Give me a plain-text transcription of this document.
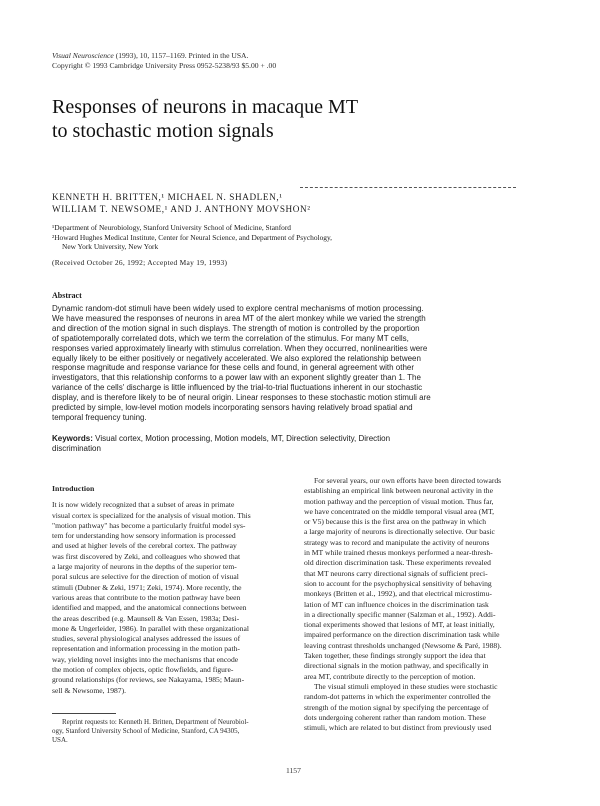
Visual Neuroscience (1993), 10, 1157–1169. Printed in the USA.
Copyright © 1993 Cambridge University Press 0952-5238/93 $5.00 + .00
Responses of neurons in macaque MT
to stochastic motion signals
KENNETH H. BRITTEN,¹ MICHAEL N. SHADLEN,¹
WILLIAM T. NEWSOME,¹ AND J. ANTHONY MOVSHON²
¹Department of Neurobiology, Stanford University School of Medicine, Stanford
²Howard Hughes Medical Institute, Center for Neural Science, and Department of Psychology,
New York University, New York
(Received October 26, 1992; Accepted May 19, 1993)
Abstract
Dynamic random-dot stimuli have been widely used to explore central mechanisms of motion processing.
We have measured the responses of neurons in area MT of the alert monkey while we varied the strength
and direction of the motion signal in such displays. The strength of motion is controlled by the proportion
of spatiotemporally correlated dots, which we term the correlation of the stimulus. For many MT cells,
responses varied approximately linearly with stimulus correlation. When they occurred, nonlinearities were
equally likely to be either positively or negatively accelerated. We also explored the relationship between
response magnitude and response variance for these cells and found, in general agreement with other
investigators, that this relationship conforms to a power law with an exponent slightly greater than 1. The
variance of the cells' discharge is little influenced by the trial-to-trial fluctuations inherent in our stochastic
display, and is therefore likely to be of neural origin. Linear responses to these stochastic motion stimuli are
predicted by simple, low-level motion models incorporating sensors having relatively broad spatial and
temporal frequency tuning.
Keywords: Visual cortex, Motion processing, Motion models, MT, Direction selectivity, Direction
discrimination
Introduction
It is now widely recognized that a subset of areas in primate
visual cortex is specialized for the analysis of visual motion. This
"motion pathway" has become a particularly fruitful model sys-
tem for understanding how sensory information is processed
and used at higher levels of the cerebral cortex. The pathway
was first discovered by Zeki, and colleagues who showed that
a large majority of neurons in the depths of the superior tem-
poral sulcus are selective for the direction of motion of visual
stimuli (Dubner & Zeki, 1971; Zeki, 1974). More recently, the
various areas that contribute to the motion pathway have been
identified and mapped, and the anatomical connections between
the areas described (e.g. Maunsell & Van Essen, 1983a; Desi-
mone & Ungerleider, 1986). In parallel with these organizational
studies, several physiological analyses addressed the issues of
representation and information processing in the motion path-
way, yielding novel insights into the mechanisms that encode
the motion of complex objects, optic flowfields, and figure-
ground relationships (for reviews, see Nakayama, 1985; Maun-
sell & Newsome, 1987).
For several years, our own efforts have been directed towards
establishing an empirical link between neuronal activity in the
motion pathway and the perception of visual motion. Thus far,
we have concentrated on the middle temporal visual area (MT,
or V5) because this is the first area on the pathway in which
a large majority of neurons is directionally selective. Our basic
strategy was to record and manipulate the activity of neurons
in MT while trained rhesus monkeys performed a near-thresh-
old direction discrimination task. These experiments revealed
that MT neurons carry directional signals of sufficient preci-
sion to account for the psychophysical sensitivity of behaving
monkeys (Britten et al., 1992), and that electrical microstimu-
lation of MT can influence choices in the discrimination task
in a directionally specific manner (Salzman et al., 1992). Addi-
tional experiments showed that lesions of MT, at least initially,
impaired performance on the direction discrimination task while
leaving contrast thresholds unchanged (Newsome & Paré, 1988).
Taken together, these findings strongly support the idea that
directional signals in the motion pathway, and specifically in
area MT, contribute directly to the perception of motion.
The visual stimuli employed in these studies were stochastic
random-dot patterns in which the experimenter controlled the
strength of the motion signal by specifying the percentage of
dots undergoing coherent rather than random motion. These
stimuli, which are related to but distinct from previously used
Reprint requests to: Kenneth H. Britten, Department of Neurobiol-
ogy, Stanford University School of Medicine, Stanford, CA 94305,
USA.
1157
